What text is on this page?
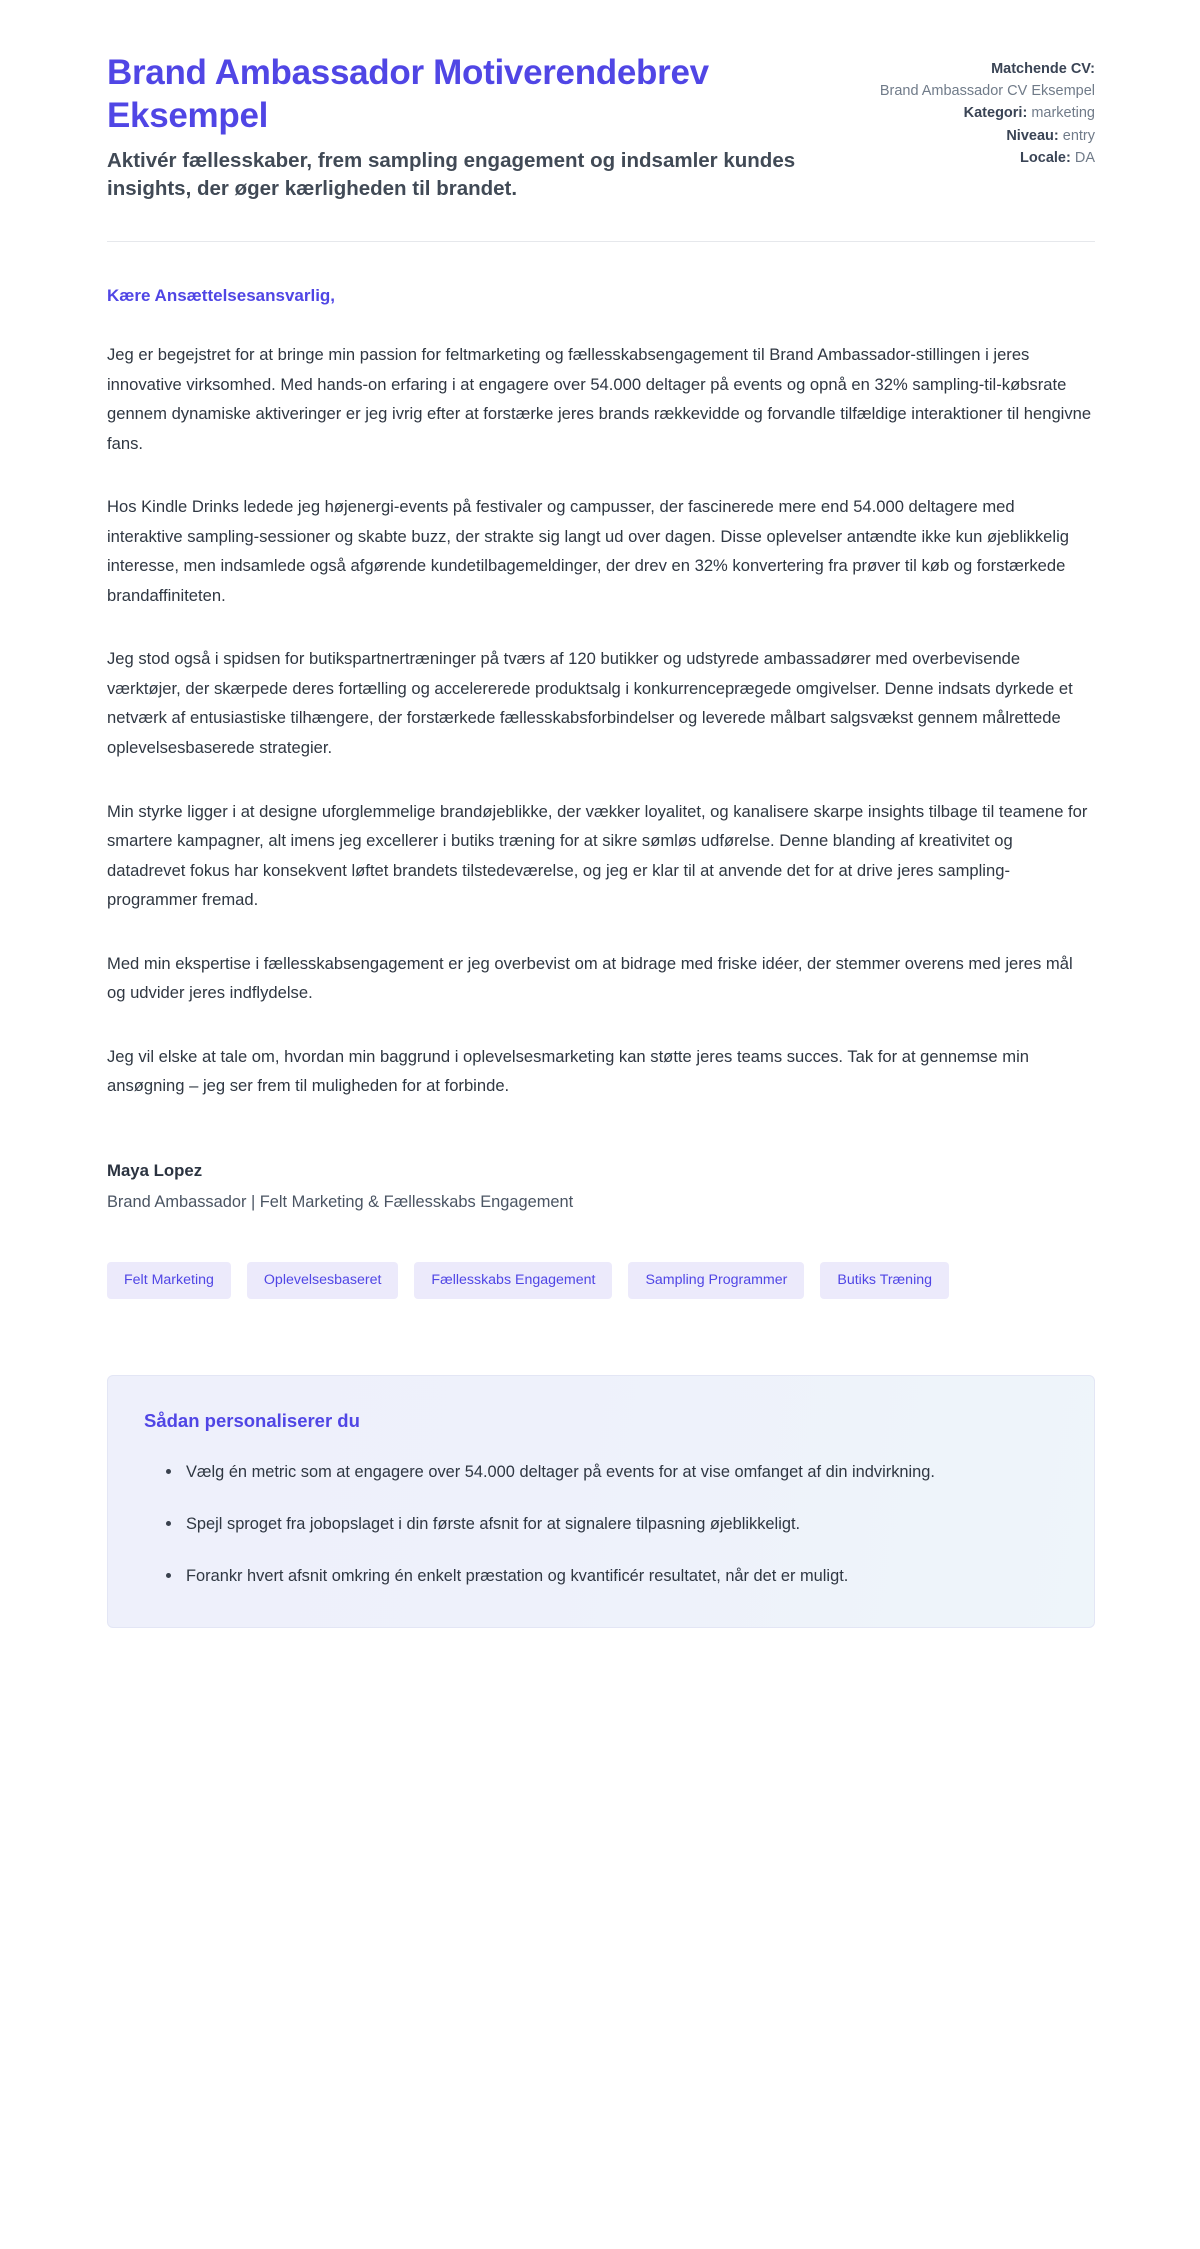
Brand Ambassador Motiverendebrev Eksempel

Aktivér fællesskaber, frem sampling engagement og indsamler kundes insights, der øger kærligheden til brandet.

Matchende CV:
Brand Ambassador CV Eksempel
Kategori: marketing
Niveau: entry
Locale: DA

Kære Ansættelsesansvarlig,

Jeg er begejstret for at bringe min passion for feltmarketing og fællesskabsengagement til Brand Ambassador-stillingen i jeres innovative virksomhed. Med hands-on erfaring i at engagere over 54.000 deltager på events og opnå en 32% sampling-til-købsrate gennem dynamiske aktiveringer er jeg ivrig efter at forstærke jeres brands rækkevidde og forvandle tilfældige interaktioner til hengivne fans.

Hos Kindle Drinks ledede jeg højenergi-events på festivaler og campusser, der fascinerede mere end 54.000 deltagere med interaktive sampling-sessioner og skabte buzz, der strakte sig langt ud over dagen. Disse oplevelser antændte ikke kun øjeblikkelig interesse, men indsamlede også afgørende kundetilbagemeldinger, der drev en 32% konvertering fra prøver til køb og forstærkede brandaffiniteten.

Jeg stod også i spidsen for butikspartnertræninger på tværs af 120 butikker og udstyrede ambassadører med overbevisende værktøjer, der skærpede deres fortælling og accelererede produktsalg i konkurrenceprægede omgivelser. Denne indsats dyrkede et netværk af entusiastiske tilhængere, der forstærkede fællesskabsforbindelser og leverede målbart salgsvækst gennem målrettede oplevelsesbaserede strategier.

Min styrke ligger i at designe uforglemmelige brandøjeblikke, der vækker loyalitet, og kanalisere skarpe insights tilbage til teamene for smartere kampagner, alt imens jeg excellerer i butiks træning for at sikre sømløs udførelse. Denne blanding af kreativitet og datadrevet fokus har konsekvent løftet brandets tilstedeværelse, og jeg er klar til at anvende det for at drive jeres sampling-programmer fremad.

Med min ekspertise i fællesskabsengagement er jeg overbevist om at bidrage med friske idéer, der stemmer overens med jeres mål og udvider jeres indflydelse.

Jeg vil elske at tale om, hvordan min baggrund i oplevelsesmarketing kan støtte jeres teams succes. Tak for at gennemse min ansøgning – jeg ser frem til muligheden for at forbinde.

Maya Lopez

Brand Ambassador | Felt Marketing & Fællesskabs Engagement

Felt Marketing	Oplevelsesbaseret	Fællesskabs Engagement	Sampling Programmer	Butiks Træning
Sådan personaliserer du
Vælg én metric som at engagere over 54.000 deltager på events for at vise omfanget af din indvirkning.
Spejl sproget fra jobopslaget i din første afsnit for at signalere tilpasning øjeblikkeligt.
Forankr hvert afsnit omkring én enkelt præstation og kvantificér resultatet, når det er muligt.
